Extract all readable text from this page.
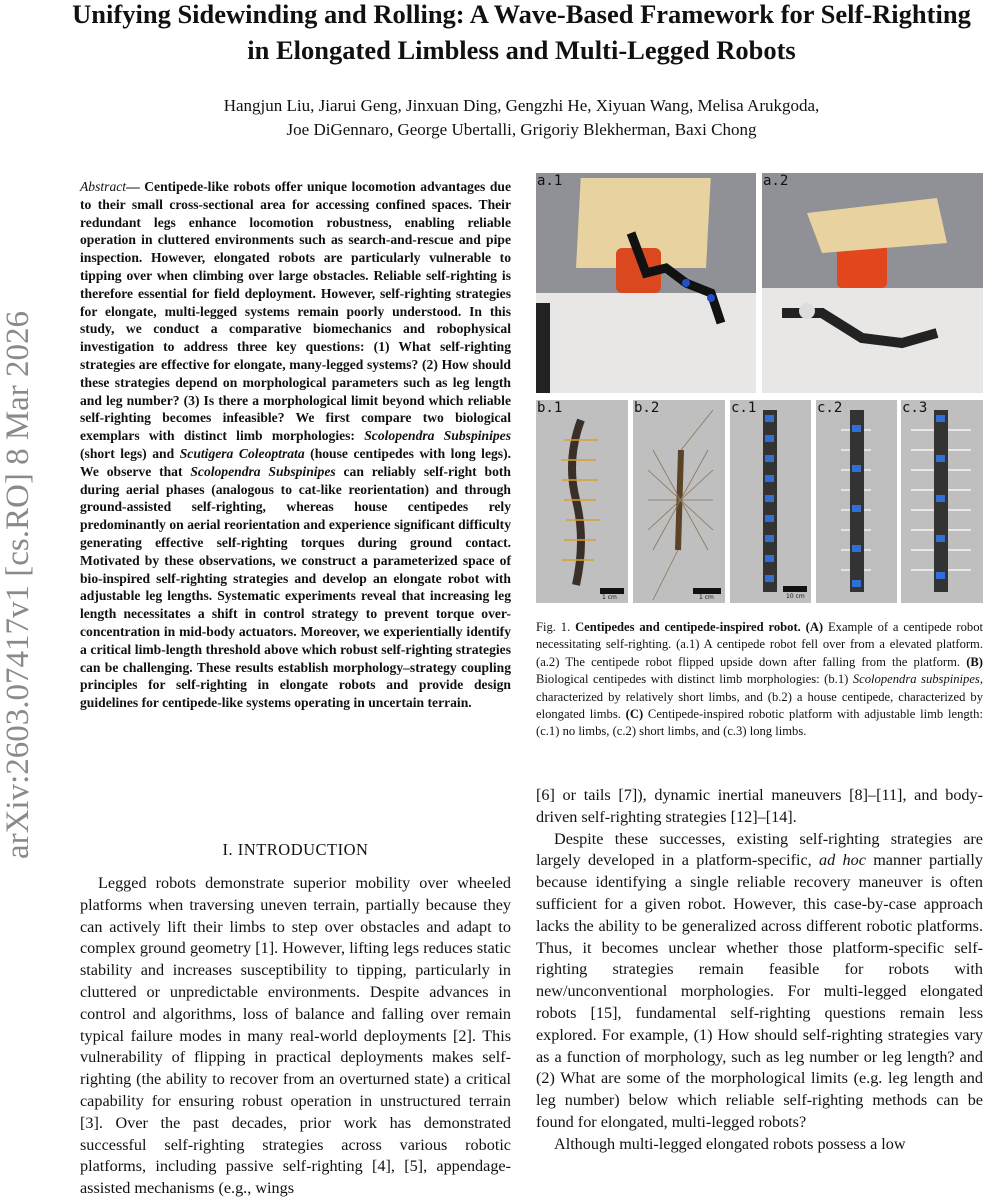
arXiv:2603.07417v1 [cs.RO] 8 Mar 2026
Unifying Sidewinding and Rolling: A Wave-Based Framework for Self-Righting in Elongated Limbless and Multi-Legged Robots
Hangjun Liu, Jiarui Geng, Jinxuan Ding, Gengzhi He, Xiyuan Wang, Melisa Arukgoda,
Joe DiGennaro, George Ubertalli, Grigoriy Blekherman, Baxi Chong
Abstract— Centipede-like robots offer unique locomotion advantages due to their small cross-sectional area for accessing confined spaces. Their redundant legs enhance locomotion robustness, enabling reliable operation in cluttered environments such as search-and-rescue and pipe inspection. However, elongated robots are particularly vulnerable to tipping over when climbing over large obstacles. Reliable self-righting is therefore essential for field deployment. However, self-righting strategies for elongate, multi-legged systems remain poorly understood. In this study, we conduct a comparative biomechanics and robophysical investigation to address three key questions: (1) What self-righting strategies are effective for elongate, many-legged systems? (2) How should these strategies depend on morphological parameters such as leg length and leg number? (3) Is there a morphological limit beyond which reliable self-righting becomes infeasible? We first compare two biological exemplars with distinct limb morphologies: Scolopendra Subspinipes (short legs) and Scutigera Coleoptrata (house centipedes with long legs). We observe that Scolopendra Subspinipes can reliably self-right both during aerial phases (analogous to cat-like reorientation) and through ground-assisted self-righting, whereas house centipedes rely predominantly on aerial reorientation and experience significant difficulty generating effective self-righting torques during ground contact. Motivated by these observations, we construct a parameterized space of bio-inspired self-righting strategies and develop an elongate robot with adjustable leg lengths. Systematic experiments reveal that increasing leg length necessitates a shift in control strategy to prevent torque over-concentration in mid-body actuators. Moreover, we experientially identify a critical limb-length threshold above which robust self-righting strategies can be challenging. These results establish morphology–strategy coupling principles for self-righting in elongate robots and provide design guidelines for centipede-like systems operating in uncertain terrain.
I. INTRODUCTION

Legged robots demonstrate superior mobility over wheeled platforms when traversing uneven terrain, partially because they can actively lift their limbs to step over obstacles and adapt to complex ground geometry [1]. However, lifting legs reduces static stability and increases susceptibility to tipping, particularly in cluttered or unpredictable environments. Despite advances in control and algorithms, loss of balance and falling over remain typical failure modes in many real-world deployments [2]. This vulnerability of flipping in practical deployments makes self-righting (the ability to recover from an overturned state) a critical capability for ensuring robust operation in unstructured terrain [3]. Over the past decades, prior work has demonstrated successful self-righting strategies across various robotic platforms, including passive self-righting [4], [5], appendage-assisted mechanisms (e.g., wings

a.1	a.2
b.1
1 cm
b.2
1 cm
c.1
10 cm
c.2	c.3
Fig. 1. Centipedes and centipede-inspired robot. (A) Example of a centipede robot necessitating self-righting. (a.1) A centipede robot fell over from a elevated platform. (a.2) The centipede robot flipped upside down after falling from the platform. (B) Biological centipedes with distinct limb morphologies: (b.1) Scolopendra subspinipes, characterized by relatively short limbs, and (b.2) a house centipede, characterized by elongated limbs. (C) Centipede-inspired robotic platform with adjustable limb length: (c.1) no limbs, (c.2) short limbs, and (c.3) long limbs.

[6] or tails [7]), dynamic inertial maneuvers [8]–[11], and body-driven self-righting strategies [12]–[14].

Despite these successes, existing self-righting strategies are largely developed in a platform-specific, ad hoc manner partially because identifying a single reliable recovery maneuver is often sufficient for a given robot. However, this case-by-case approach lacks the ability to be generalized across different robotic platforms. Thus, it becomes unclear whether those platform-specific self-righting strategies remain feasible for robots with new/unconventional morphologies. For multi-legged elongated robots [15], fundamental self-righting questions remain less explored. For example, (1) How should self-righting strategies vary as a function of morphology, such as leg number or leg length? and (2) What are some of the morphological limits (e.g. leg length and leg number) below which reliable self-righting methods can be found for elongated, multi-legged robots?

Although multi-legged elongated robots possess a low
